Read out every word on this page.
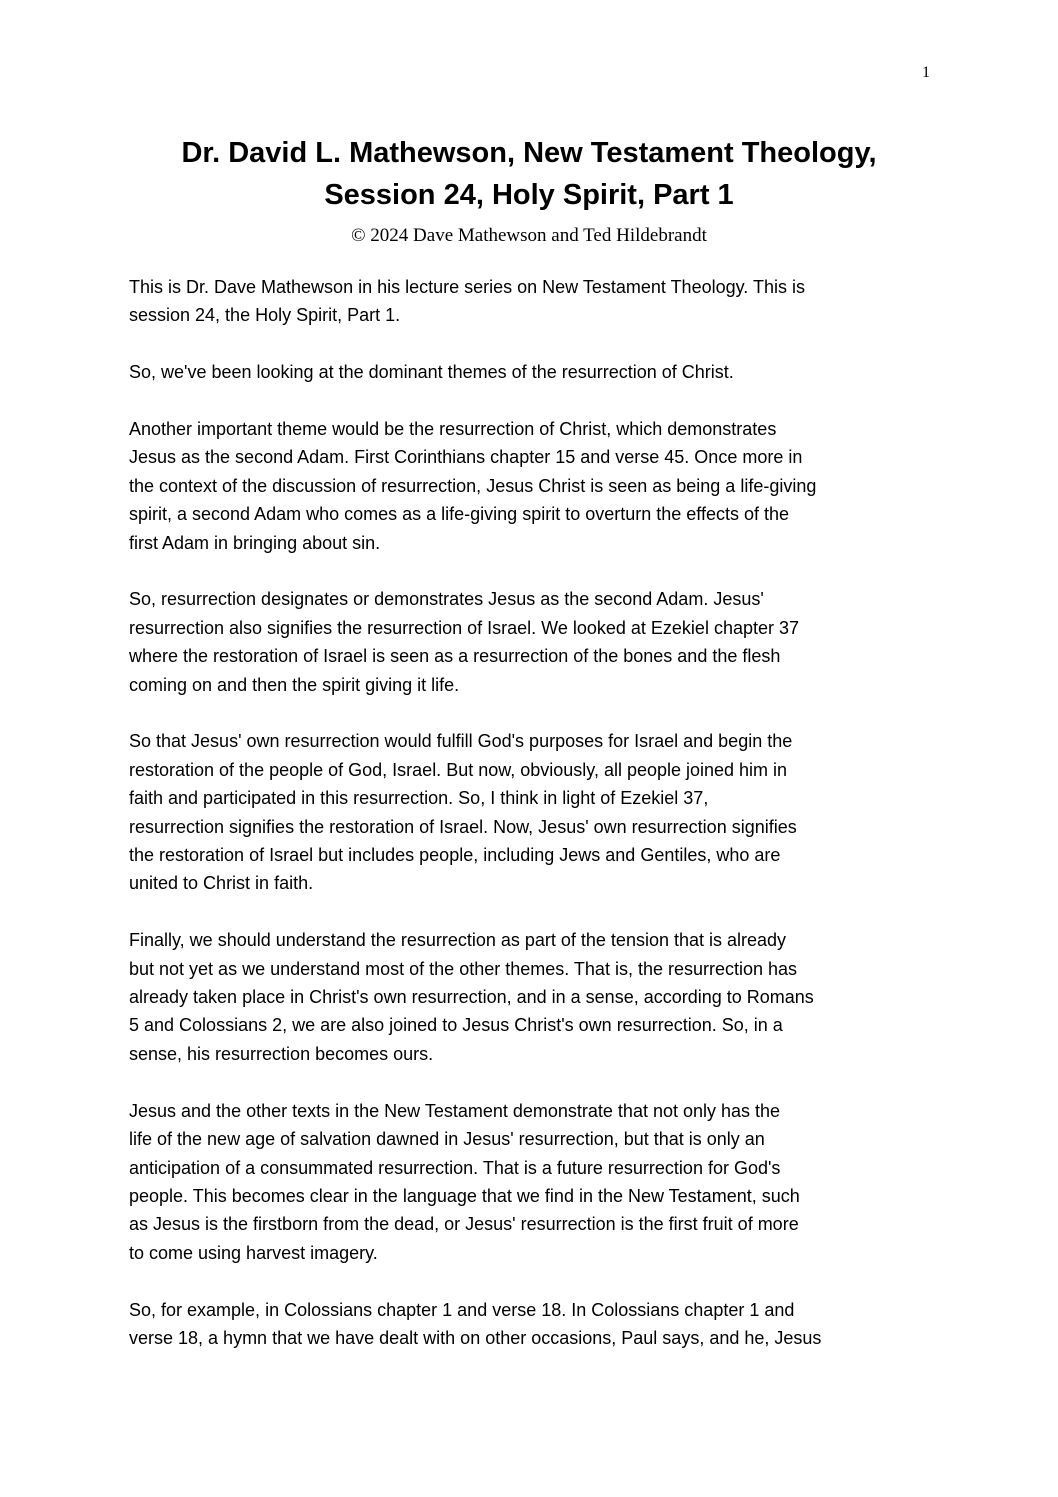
1
Dr. David L. Mathewson, New Testament Theology,
Session 24, Holy Spirit, Part 1
© 2024 Dave Mathewson and Ted Hildebrandt

This is Dr. Dave Mathewson in his lecture series on New Testament Theology. This is
session 24, the Holy Spirit, Part 1.

So, we've been looking at the dominant themes of the resurrection of Christ.

Another important theme would be the resurrection of Christ, which demonstrates
Jesus as the second Adam. First Corinthians chapter 15 and verse 45. Once more in
the context of the discussion of resurrection, Jesus Christ is seen as being a life-giving
spirit, a second Adam who comes as a life-giving spirit to overturn the effects of the
first Adam in bringing about sin.

So, resurrection designates or demonstrates Jesus as the second Adam. Jesus'
resurrection also signifies the resurrection of Israel. We looked at Ezekiel chapter 37
where the restoration of Israel is seen as a resurrection of the bones and the flesh
coming on and then the spirit giving it life.

So that Jesus' own resurrection would fulfill God's purposes for Israel and begin the
restoration of the people of God, Israel. But now, obviously, all people joined him in
faith and participated in this resurrection. So, I think in light of Ezekiel 37,
resurrection signifies the restoration of Israel. Now, Jesus' own resurrection signifies
the restoration of Israel but includes people, including Jews and Gentiles, who are
united to Christ in faith.

Finally, we should understand the resurrection as part of the tension that is already
but not yet as we understand most of the other themes. That is, the resurrection has
already taken place in Christ's own resurrection, and in a sense, according to Romans
5 and Colossians 2, we are also joined to Jesus Christ's own resurrection. So, in a
sense, his resurrection becomes ours.

Jesus and the other texts in the New Testament demonstrate that not only has the
life of the new age of salvation dawned in Jesus' resurrection, but that is only an
anticipation of a consummated resurrection. That is a future resurrection for God's
people. This becomes clear in the language that we find in the New Testament, such
as Jesus is the firstborn from the dead, or Jesus' resurrection is the first fruit of more
to come using harvest imagery.

So, for example, in Colossians chapter 1 and verse 18. In Colossians chapter 1 and
verse 18, a hymn that we have dealt with on other occasions, Paul says, and he, Jesus
